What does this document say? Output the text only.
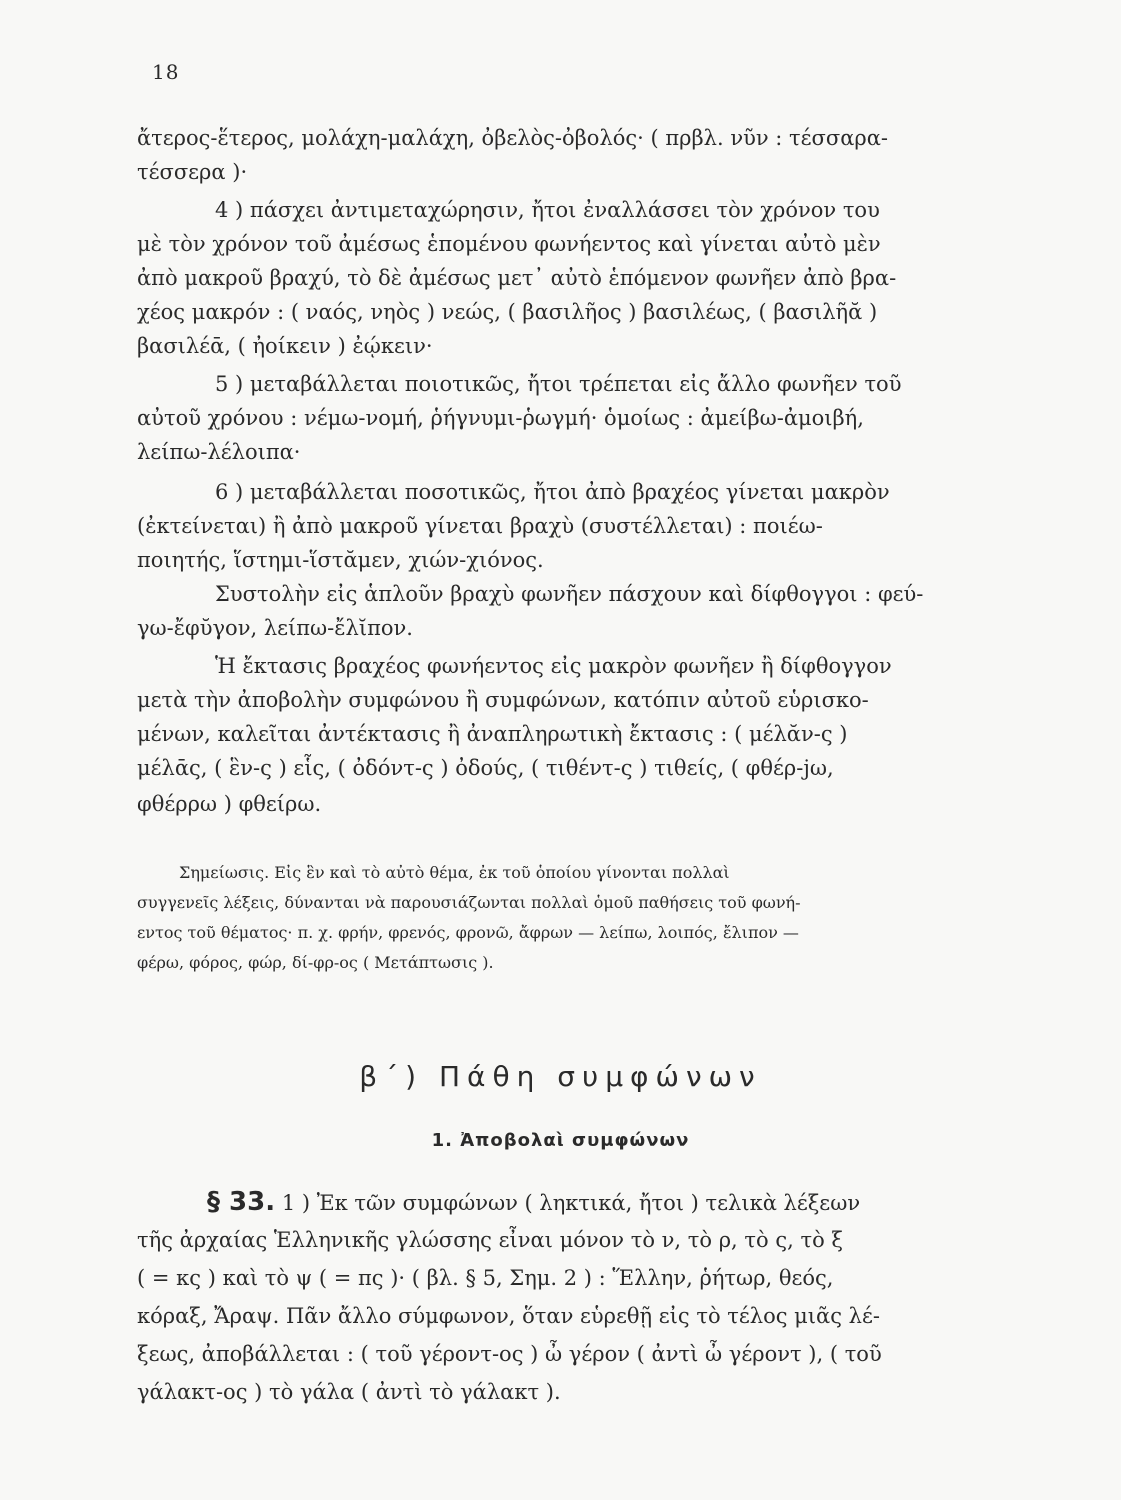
18
ἄτερος-ἕτερος, μολάχη-μαλάχη, ὀβελὸς-ὀβολός· ( πρβλ. νῦν : τέσσαρα-
τέσσερα )·
4 ) πάσχει ἀντιμεταχώρησιν, ἤτοι ἐναλλάσσει τὸν χρόνον του
μὲ τὸν χρόνον τοῦ ἀμέσως ἑπομένου φωνήεντος καὶ γίνεται αὐτὸ μὲν
ἀπὸ μακροῦ βραχύ, τὸ δὲ ἀμέσως μετ᾽ αὐτὸ ἑπόμενον φωνῆεν ἀπὸ βρα-
χέος μακρόν : ( ναός, νηὸς ) νεώς, ( βασιλῆος ) βασιλέως, ( βασιλῆᾰ )
βασιλέᾱ, ( ἠοίκειν ) ἐῴκειν·
5 ) μεταβάλλεται ποιοτικῶς, ἤτοι τρέπεται εἰς ἄλλο φωνῆεν τοῦ
αὐτοῦ χρόνου : νέμω-νομή, ῥήγνυμι-ῥωγμή· ὁμοίως : ἀμείβω-ἀμοιβή,
λείπω-λέλοιπα·
6 ) μεταβάλλεται ποσοτικῶς, ἤτοι ἀπὸ βραχέος γίνεται μακρὸν
(ἐκτείνεται) ἢ ἀπὸ μακροῦ γίνεται βραχὺ (συστέλλεται) : ποιέω-
ποιητής, ἵστημι-ἵστᾰμεν, χιών-χιόνος.
Συστολὴν εἰς ἁπλοῦν βραχὺ φωνῆεν πάσχουν καὶ δίφθογγοι : φεύ-
γω-ἔφῠγον, λείπω-ἔλῐπον.
Ἡ ἔκτασις βραχέος φωνήεντος εἰς μακρὸν φωνῆεν ἢ δίφθογγον
μετὰ τὴν ἀποβολὴν συμφώνου ἢ συμφώνων, κατόπιν αὐτοῦ εὑρισκο-
μένων, καλεῖται ἀντέκτασις ἢ ἀναπληρωτικὴ ἔκτασις : ( μέλᾰν-ς )
μέλᾱς, ( ἓν-ς ) εἷς, ( ὀδόντ-ς ) ὀδούς, ( τιθέντ-ς ) τιθείς, ( φθέρ-jω,
φθέρρω ) φθείρω.
Σημείωσις. Εἰς ἓν καὶ τὸ αὐτὸ θέμα, ἐκ τοῦ ὁποίου γίνονται πολλαὶ
συγγενεῖς λέξεις, δύνανται νὰ παρουσιάζωνται πολλαὶ ὁμοῦ παθήσεις τοῦ φωνή-
εντος τοῦ θέματος· π. χ. φρήν, φρενός, φρονῶ, ἄφρων — λείπω, λοιπός, ἔλιπον —
φέρω, φόρος, φώρ, δί-φρ-ος ( Μετάπτωσις ).
β΄) Πάθη συμφώνων
1. Ἀποβολαὶ συμφώνων
§ 33. 1 ) Ἐκ τῶν συμφώνων ( ληκτικά, ἤτοι ) τελικὰ λέξεων
τῆς ἀρχαίας Ἑλληνικῆς γλώσσης εἶναι μόνον τὸ ν, τὸ ρ, τὸ ς, τὸ ξ
( = κς ) καὶ τὸ ψ ( = πς )· ( βλ. § 5, Σημ. 2 ) : Ἕλλην, ῥήτωρ, θεός,
κόραξ, Ἄραψ. Πᾶν ἄλλο σύμφωνον, ὅταν εὑρεθῇ εἰς τὸ τέλος μιᾶς λέ-
ξεως, ἀποβάλλεται : ( τοῦ γέροντ-ος ) ὦ γέρον ( ἀντὶ ὦ γέροντ ), ( τοῦ
γάλακτ-ος ) τὸ γάλα ( ἀντὶ τὸ γάλακτ ).
